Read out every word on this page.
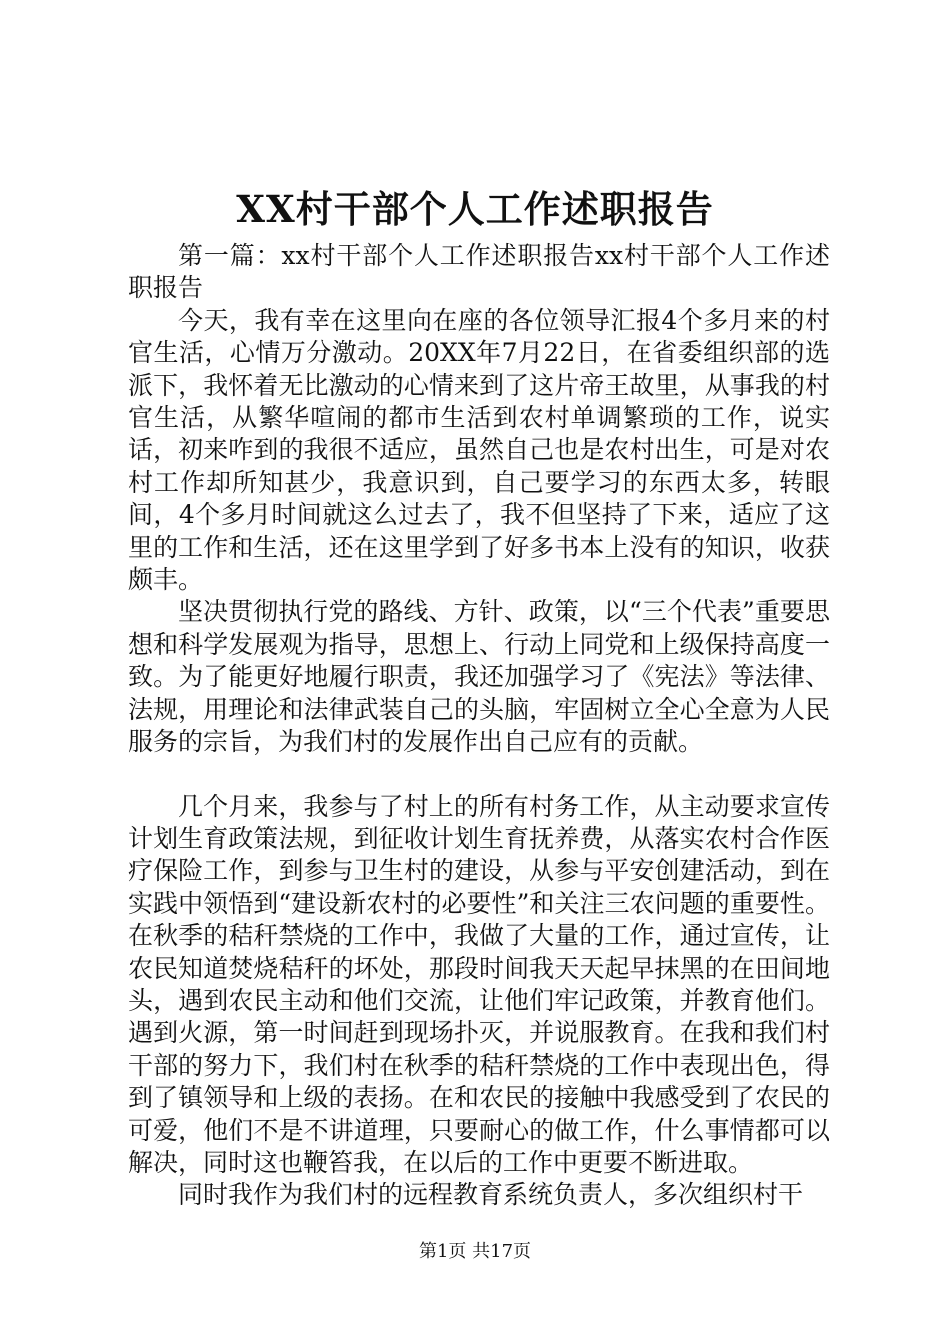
XX村干部个人工作述职报告

第一篇：xx村干部个人工作述职报告xx村干部个人工作述职报告

今天，我有幸在这里向在座的各位领导汇报4个多月来的村官生活，心情万分激动。20XX年7月22日，在省委组织部的选派下，我怀着无比激动的心情来到了这片帝王故里，从事我的村官生活，从繁华喧闹的都市生活到农村单调繁琐的工作，说实话，初来咋到的我很不适应，虽然自己也是农村出生，可是对农村工作却所知甚少，我意识到，自己要学习的东西太多，转眼间，4个多月时间就这么过去了，我不但坚持了下来，适应了这里的工作和生活，还在这里学到了好多书本上没有的知识，收获颇丰。

坚决贯彻执行党的路线、方针、政策，以“三个代表”重要思想和科学发展观为指导，思想上、行动上同党和上级保持高度一致。为了能更好地履行职责，我还加强学习了《宪法》等法律、法规，用理论和法律武装自己的头脑，牢固树立全心全意为人民服务的宗旨，为我们村的发展作出自己应有的贡献。

几个月来，我参与了村上的所有村务工作，从主动要求宣传计划生育政策法规，到征收计划生育抚养费，从落实农村合作医疗保险工作，到参与卫生村的建设，从参与平安创建活动，到在实践中领悟到“建设新农村的必要性”和关注三农问题的重要性。在秋季的秸秆禁烧的工作中，我做了大量的工作，通过宣传，让农民知道焚烧秸秆的坏处，那段时间我天天起早抹黑的在田间地头，遇到农民主动和他们交流，让他们牢记政策，并教育他们。遇到火源，第一时间赶到现场扑灭，并说服教育。在我和我们村干部的努力下，我们村在秋季的秸秆禁烧的工作中表现出色，得到了镇领导和上级的表扬。在和农民的接触中我感受到了农民的可爱，他们不是不讲道理，只要耐心的做工作，什么事情都可以解决，同时这也鞭笞我，在以后的工作中更要不断进取。

同时我作为我们村的远程教育系统负责人，多次组织村干

第1页 共17页
